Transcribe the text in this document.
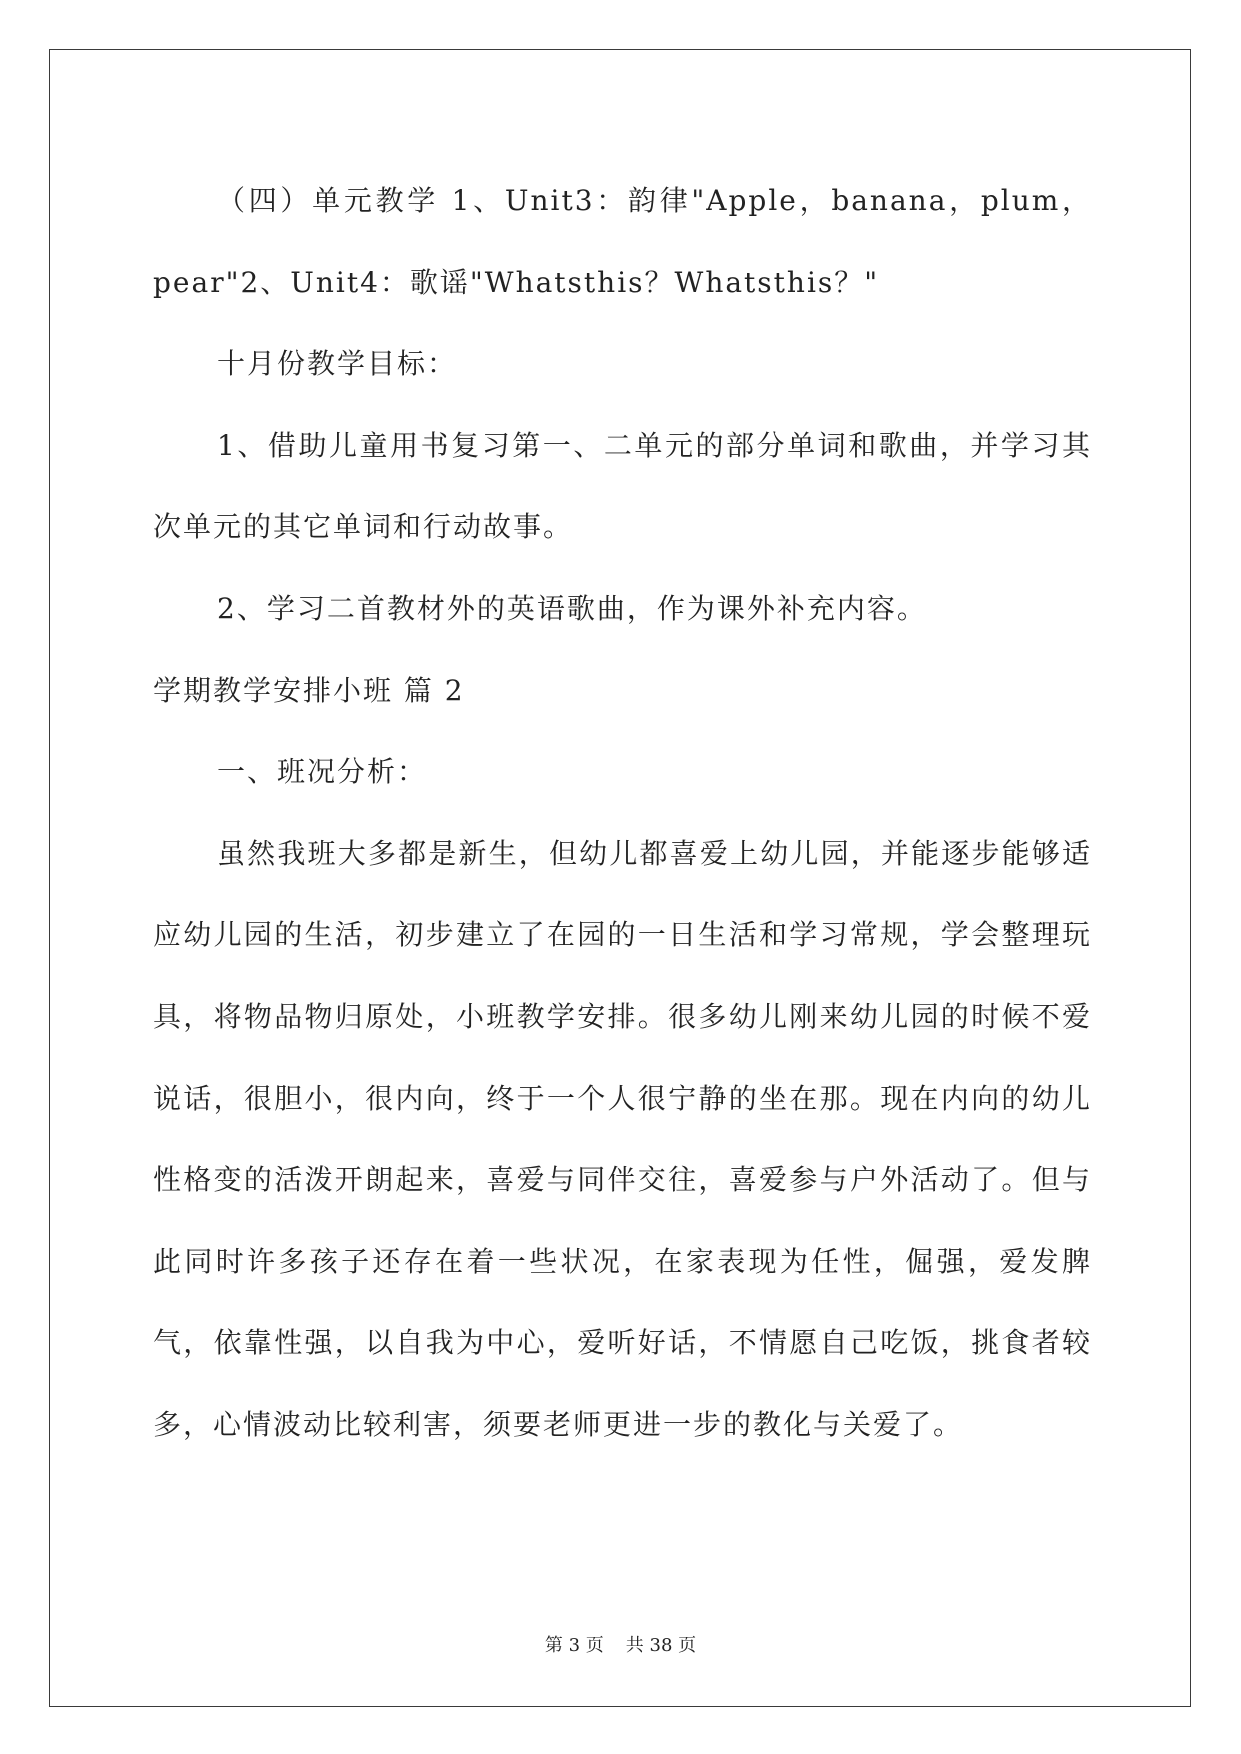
（四）单元教学 1、Unit3：韵律"Apple，banana，plum，pear"2、Unit4：歌谣"Whatsthis？Whatsthis？"

十月份教学目标：

1、借助儿童用书复习第一、二单元的部分单词和歌曲，并学习其次单元的其它单词和行动故事。

2、学习二首教材外的英语歌曲，作为课外补充内容。

学期教学安排小班 篇 2

一、班况分析：

虽然我班大多都是新生，但幼儿都喜爱上幼儿园，并能逐步能够适应幼儿园的生活，初步建立了在园的一日生活和学习常规，学会整理玩具，将物品物归原处，小班教学安排。很多幼儿刚来幼儿园的时候不爱说话，很胆小，很内向，终于一个人很宁静的坐在那。现在内向的幼儿性格变的活泼开朗起来，喜爱与同伴交往，喜爱参与户外活动了。但与此同时许多孩子还存在着一些状况，在家表现为任性，倔强，爱发脾气，依靠性强，以自我为中心，爱听好话，不情愿自己吃饭，挑食者较多，心情波动比较利害，须要老师更进一步的教化与关爱了。

第 3 页 共 38 页
